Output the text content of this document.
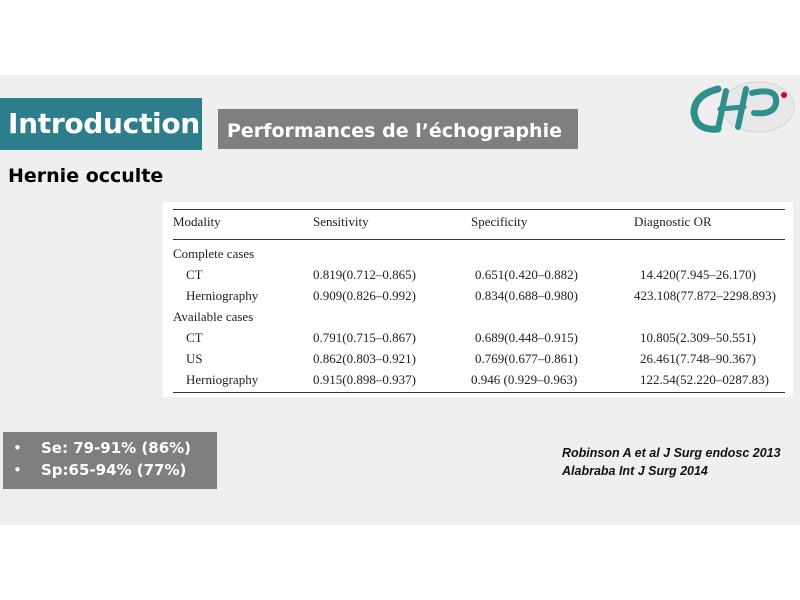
Introduction	Performances de l’échographie
Hernie occulte
Modality	Sensitivity	Specificity	Diagnostic OR
Complete cases			
CT	0.819(0.712–0.865)	0.651(0.420–0.882)	14.420(7.945–26.170)
Herniography	0.909(0.826–0.992)	0.834(0.688–0.980)	423.108(77.872–2298.893)
Available cases			
CT	0.791(0.715–0.867)	0.689(0.448–0.915)	10.805(2.309–50.551)
US	0.862(0.803–0.921)	0.769(0.677–0.861)	26.461(7.748–90.367)
Herniography	0.915(0.898–0.937)	0.946 (0.929–0.963)	122.54(52.220–0287.83)
• Se: 79-91% (86%)
• Sp:65-94% (77%)
Robinson A et al J Surg endosc 2013
Alabraba Int J Surg 2014
